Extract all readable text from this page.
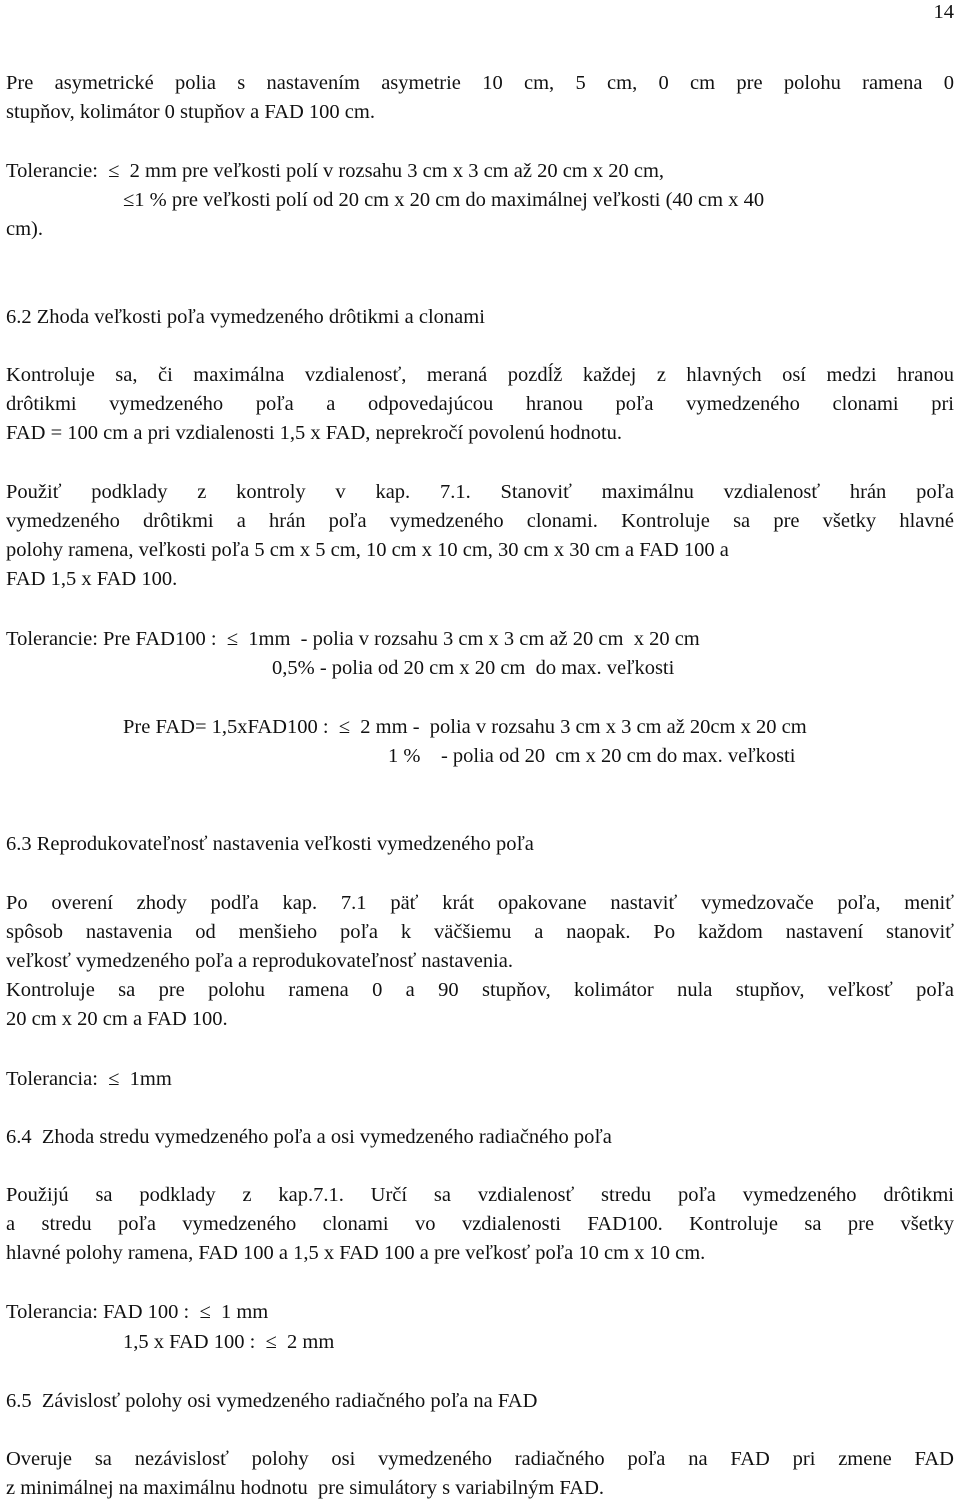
14
Pre asymetrické polia s nastavením asymetrie 10 cm, 5 cm, 0 cm pre polohu ramena 0
stupňov, kolimátor 0 stupňov a FAD 100 cm.
Tolerancie:  ≤  2 mm pre veľkosti polí v rozsahu 3 cm x 3 cm až 20 cm x 20 cm,
≤1 % pre veľkosti polí od 20 cm x 20 cm do maximálnej veľkosti (40 cm x 40
cm).
6.2 Zhoda veľkosti poľa vymedzeného drôtikmi a clonami
Kontroluje sa, či maximálna vzdialenosť, meraná pozdĺž každej z hlavných osí medzi hranou
drôtikmi vymedzeného poľa a odpovedajúcou hranou poľa vymedzeného clonami pri
FAD = 100 cm a pri vzdialenosti 1,5 x FAD, neprekročí povolenú hodnotu.
Použiť podklady z kontroly v kap. 7.1. Stanoviť maximálnu vzdialenosť hrán poľa
vymedzeného drôtikmi a hrán poľa vymedzeného clonami. Kontroluje sa pre všetky hlavné
polohy ramena, veľkosti poľa 5 cm x 5 cm, 10 cm x 10 cm, 30 cm x 30 cm a FAD 100 a
FAD 1,5 x FAD 100.
Tolerancie: Pre FAD100 :  ≤  1mm  - polia v rozsahu 3 cm x 3 cm až 20 cm  x 20 cm
0,5% - polia od 20 cm x 20 cm  do max. veľkosti
Pre FAD= 1,5xFAD100 :  ≤  2 mm -  polia v rozsahu 3 cm x 3 cm až 20cm x 20 cm
1 %    - polia od 20  cm x 20 cm do max. veľkosti
6.3 Reprodukovateľnosť nastavenia veľkosti vymedzeného poľa
Po overení zhody podľa kap. 7.1 päť krát opakovane nastaviť vymedzovače poľa, meniť
spôsob nastavenia od menšieho poľa k väčšiemu a naopak. Po každom nastavení stanoviť
veľkosť vymedzeného poľa a reprodukovateľnosť nastavenia.
Kontroluje sa pre polohu ramena 0 a 90 stupňov, kolimátor nula stupňov, veľkosť poľa
20 cm x 20 cm a FAD 100.
Tolerancia:  ≤  1mm
6.4  Zhoda stredu vymedzeného poľa a osi vymedzeného radiačného poľa
Použijú sa podklady z kap.7.1. Určí sa vzdialenosť stredu poľa vymedzeného drôtikmi
a stredu poľa vymedzeného clonami vo vzdialenosti FAD100. Kontroluje sa pre všetky
hlavné polohy ramena, FAD 100 a 1,5 x FAD 100 a pre veľkosť poľa 10 cm x 10 cm.
Tolerancia: FAD 100 :  ≤  1 mm
1,5 x FAD 100 :  ≤  2 mm
6.5  Závislosť polohy osi vymedzeného radiačného poľa na FAD
Overuje sa nezávislosť polohy osi vymedzeného radiačného poľa na FAD pri zmene FAD
z minimálnej na maximálnu hodnotu  pre simulátory s variabilným FAD.
